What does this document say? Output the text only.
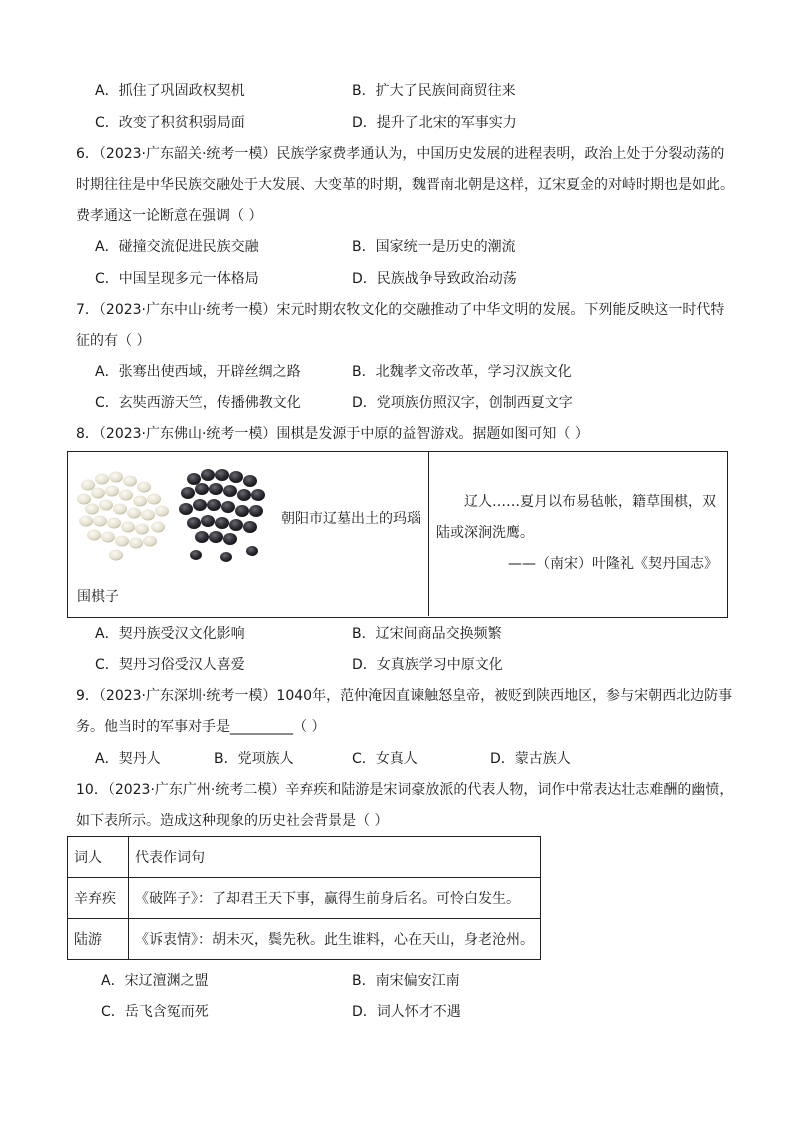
A．抓住了巩固政权契机	B．扩大了民族间商贸往来
C．改变了积贫积弱局面	D．提升了北宋的军事实力
6．（2023·广东韶关·统考一模）民族学家费孝通认为，中国历史发展的进程表明，政治上处于分裂动荡的
时期往往是中华民族交融处于大发展、大变革的时期，魏晋南北朝是这样，辽宋夏金的对峙时期也是如此。
费孝通这一论断意在强调（ ）
A．碰撞交流促进民族交融	B．国家统一是历史的潮流
C．中国呈现多元一体格局	D．民族战争导致政治动荡
7．（2023·广东中山·统考一模）宋元时期农牧文化的交融推动了中华文明的发展。下列能反映这一时代特
征的有（ ）
A．张骞出使西域，开辟丝绸之路	B．北魏孝文帝改革，学习汉族文化
C．玄奘西游天竺，传播佛教文化	D．党项族仿照汉字，创制西夏文字
8．（2023·广东佛山·统考一模）围棋是发源于中原的益智游戏。据题如图可知（ ）
朝阳市辽墓出土的玛瑙
围棋子
辽人……夏月以布易毡帐，籍草围棋，双
陆或深涧洗鹰。
——（南宋）叶隆礼《契丹国志》
A．契丹族受汉文化影响	B．辽宋间商品交换频繁
C．契丹习俗受汉人喜爱	D．女真族学习中原文化
9．（2023·广东深圳·统考一模）1040年，范仲淹因直谏触怒皇帝，被贬到陕西地区，参与宋朝西北边防事
务。他当时的军事对手是_________（ ）
A．契丹人	B．党项族人	C．女真人	D．蒙古族人
10．（2023·广东广州·统考二模）辛弃疾和陆游是宋词豪放派的代表人物，词作中常表达壮志难酬的幽愤，
如下表所示。造成这种现象的历史社会背景是（ ）
词人	代表作词句
辛弃疾	《破阵子》：了却君王天下事，赢得生前身后名。可怜白发生。
陆游	《诉衷情》：胡未灭，鬓先秋。此生谁料，心在天山，身老沧州。
A．宋辽澶渊之盟	B．南宋偏安江南
C．岳飞含冤而死	D．词人怀才不遇
